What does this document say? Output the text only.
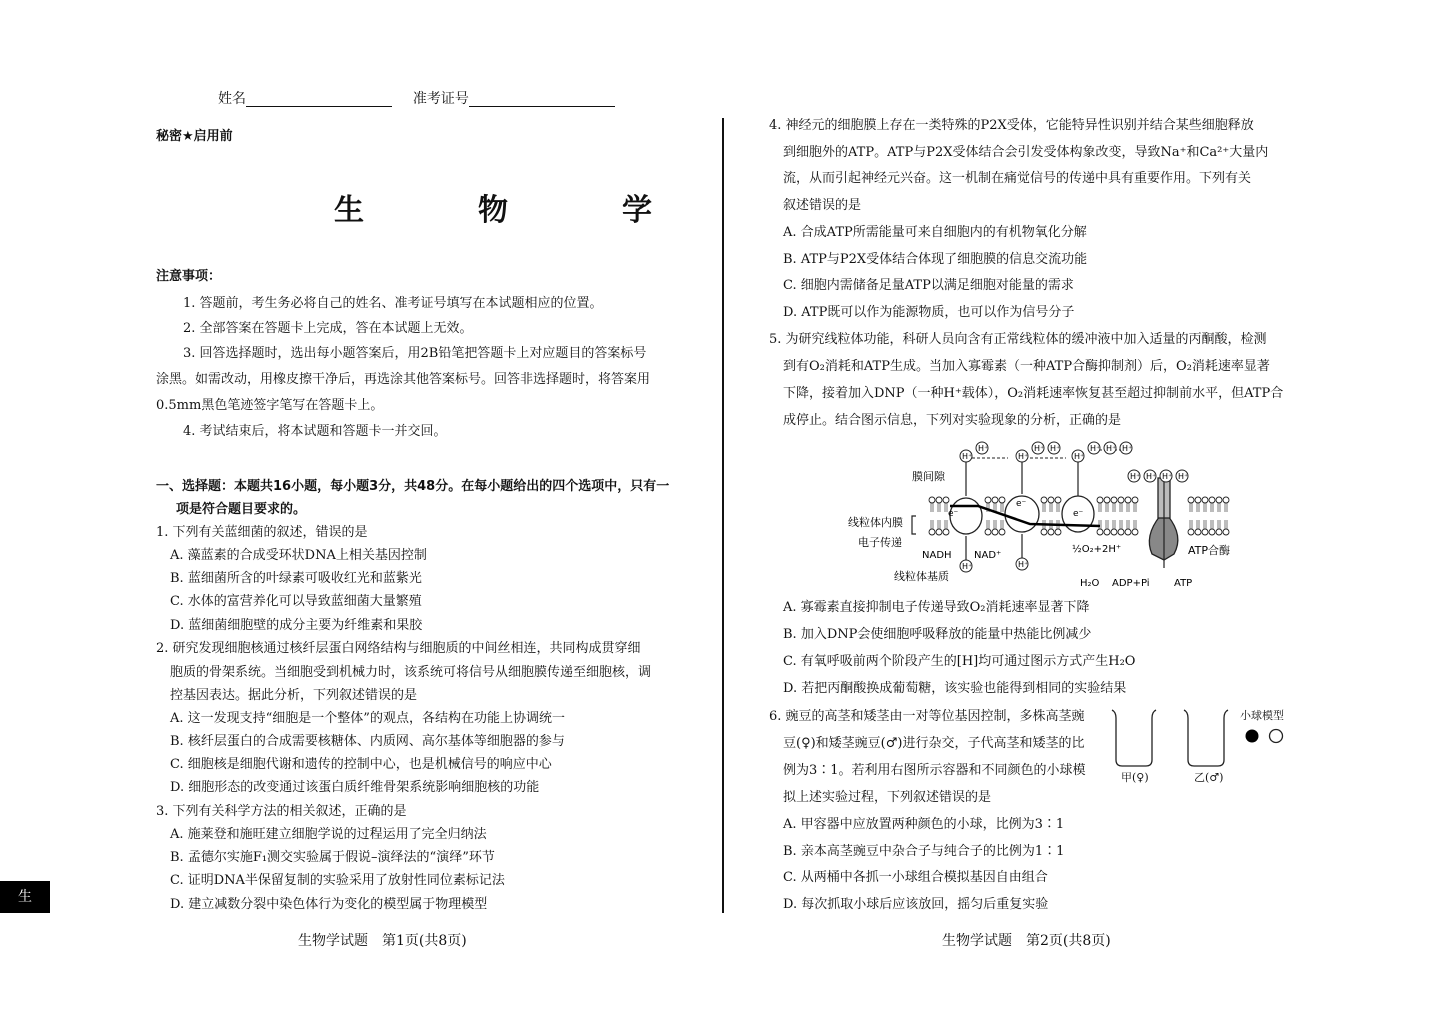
姓名	准考证号
秘密★启用前
生　物　学
注意事项：
1. 答题前，考生务必将自己的姓名、准考证号填写在本试题相应的位置。
2. 全部答案在答题卡上完成，答在本试题上无效。
3. 回答选择题时，选出每小题答案后，用2B铅笔把答题卡上对应题目的答案标号
涂黑。如需改动，用橡皮擦干净后，再选涂其他答案标号。回答非选择题时，将答案用
0.5mm黑色笔迹签字笔写在答题卡上。
4. 考试结束后，将本试题和答题卡一并交回。
一、选择题：本题共16小题，每小题3分，共48分。在每小题给出的四个选项中，只有一
项是符合题目要求的。
1. 下列有关蓝细菌的叙述，错误的是
A. 藻蓝素的合成受环状DNA上相关基因控制
B. 蓝细菌所含的叶绿素可吸收红光和蓝紫光
C. 水体的富营养化可以导致蓝细菌大量繁殖
D. 蓝细菌细胞壁的成分主要为纤维素和果胶
2. 研究发现细胞核通过核纤层蛋白网络结构与细胞质的中间丝相连，共同构成贯穿细
胞质的骨架系统。当细胞受到机械力时，该系统可将信号从细胞膜传递至细胞核，调
控基因表达。据此分析，下列叙述错误的是
A. 这一发现支持“细胞是一个整体”的观点，各结构在功能上协调统一
B. 核纤层蛋白的合成需要核糖体、内质网、高尔基体等细胞器的参与
C. 细胞核是细胞代谢和遗传的控制中心，也是机械信号的响应中心
D. 细胞形态的改变通过该蛋白质纤维骨架系统影响细胞核的功能
3. 下列有关科学方法的相关叙述，正确的是
A. 施莱登和施旺建立细胞学说的过程运用了完全归纳法
B. 孟德尔实施F₁测交实验属于假说–演绎法的“演绎”环节
C. 证明DNA半保留复制的实验采用了放射性同位素标记法
D. 建立减数分裂中染色体行为变化的模型属于物理模型
生物学试题　第1页(共8页)
生
4. 神经元的细胞膜上存在一类特殊的P2X受体，它能特异性识别并结合某些细胞释放
到细胞外的ATP。ATP与P2X受体结合会引发受体构象改变，导致Na⁺和Ca²⁺大量内
流，从而引起神经元兴奋。这一机制在痛觉信号的传递中具有重要作用。下列有关
叙述错误的是
A. 合成ATP所需能量可来自细胞内的有机物氧化分解
B. ATP与P2X受体结合体现了细胞膜的信息交流功能
C. 细胞内需储备足量ATP以满足细胞对能量的需求
D. ATP既可以作为能源物质，也可以作为信号分子
5. 为研究线粒体功能，科研人员向含有正常线粒体的缓冲液中加入适量的丙酮酸，检测
到有O₂消耗和ATP生成。当加入寡霉素（一种ATP合酶抑制剂）后，O₂消耗速率显著
下降，接着加入DNP（一种H⁺载体），O₂消耗速率恢复甚至超过抑制前水平，但ATP合
成停止。结合图示信息，下列对实验现象的分析，正确的是
膜间隙
线粒体内膜
电子传递
线粒体基质
NADH NAD⁺
½O₂+2H⁺
H₂O ADP+Pi ATP
ATP合酶
H⁺
H⁺
H⁺
H⁺ H⁺
H⁺
H⁺ H⁺ H⁺
H⁺ H⁺ H⁺ H⁺
H⁺	H⁺
e⁻
e⁻
e⁻
A. 寡霉素直接抑制电子传递导致O₂消耗速率显著下降
B. 加入DNP会使细胞呼吸释放的能量中热能比例减少
C. 有氧呼吸前两个阶段产生的[H]均可通过图示方式产生H₂O
D. 若把丙酮酸换成葡萄糖，该实验也能得到相同的实验结果
6. 豌豆的高茎和矮茎由一对等位基因控制，多株高茎豌
豆(♀)和矮茎豌豆(♂)进行杂交，子代高茎和矮茎的比
例为3∶1。若利用右图所示容器和不同颜色的小球模
拟上述实验过程，下列叙述错误的是
甲(♀)	乙(♂)
小球模型
A. 甲容器中应放置两种颜色的小球，比例为3∶1
B. 亲本高茎豌豆中杂合子与纯合子的比例为1∶1
C. 从两桶中各抓一小球组合模拟基因自由组合
D. 每次抓取小球后应该放回，摇匀后重复实验
生物学试题　第2页(共8页)
